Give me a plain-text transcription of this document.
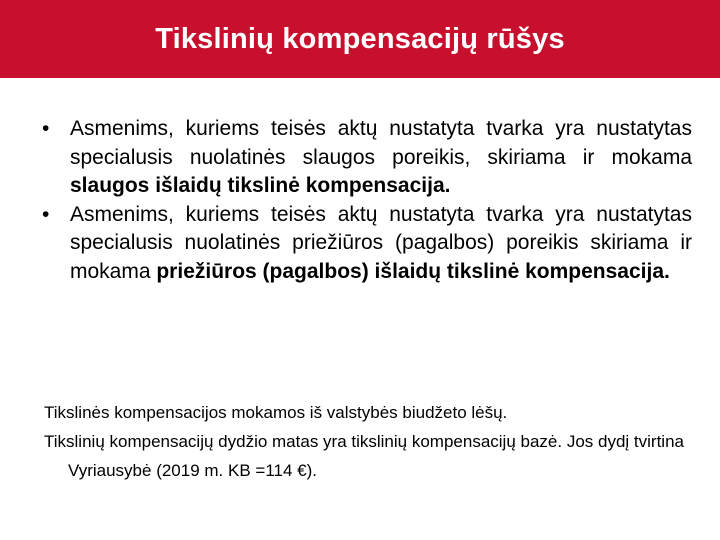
Tikslinių kompensacijų rūšys
• Asmenims, kuriems teisės aktų nustatyta tvarka yra nustatytas specialusis nuolatinės slaugos poreikis, skiriama ir mokama slaugos išlaidų tikslinė kompensacija.
• Asmenims, kuriems teisės aktų nustatyta tvarka yra nustatytas specialusis nuolatinės priežiūros (pagalbos) poreikis skiriama ir mokama priežiūros (pagalbos) išlaidų tikslinė kompensacija.

Tikslinės kompensacijos mokamos iš valstybės biudžeto lėšų.

Tikslinių kompensacijų dydžio matas yra tikslinių kompensacijų bazė. Jos dydį tvirtina Vyriausybė (2019 m. KB =114 €).
